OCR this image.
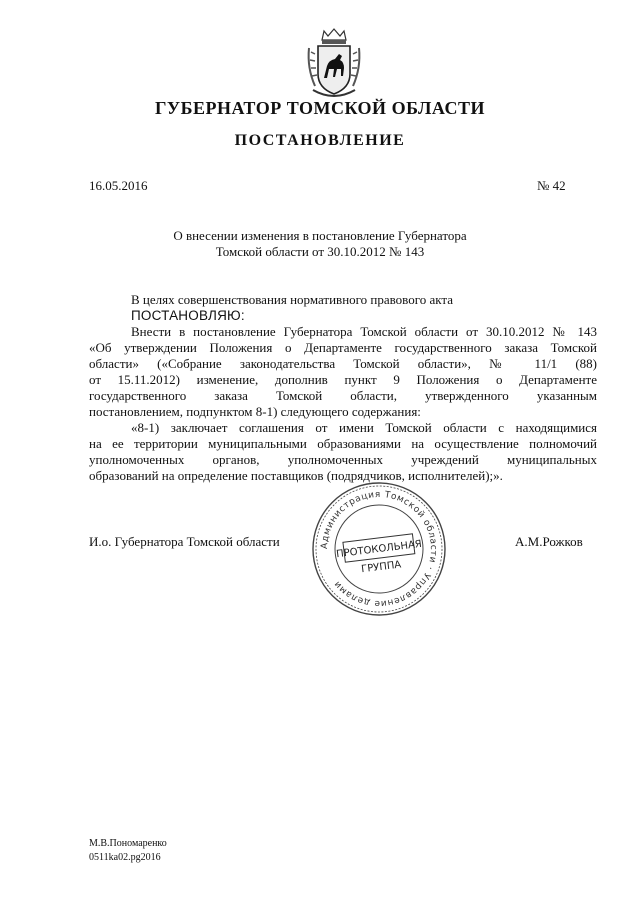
ГУБЕРНАТОР ТОМСКОЙ ОБЛАСТИ
ПОСТАНОВЛЕНИЕ
16.05.2016	№ 42
О внесении изменения в постановление Губернатора
Томской области от 30.10.2012 № 143
В целях совершенствования нормативного правового акта
ПОСТАНОВЛЯЮ:
Внести в постановление Губернатора Томской области от 30.10.2012 № 143
«Об утверждении Положения о Департаменте государственного заказа Томской
области» («Собрание законодательства Томской области», № 11/1 (88)
от 15.11.2012) изменение, дополнив пункт 9 Положения о Департаменте
государственного заказа Томской области, утвержденного указанным
постановлением, подпунктом 8-1) следующего содержания:
«8-1) заключает соглашения от имени Томской области с находящимися
на ее территории муниципальными образованиями на осуществление полномочий
уполномоченных органов, уполномоченных учреждений муниципальных
образований на определение поставщиков (подрядчиков, исполнителей);».
Администрация Томской области · Управление делами
ПРОТОКОЛЬНАЯ
ГРУППА
И.о. Губернатора Томской области	А.М.Рожков
М.В.Пономаренко
0511ka02.pg2016
